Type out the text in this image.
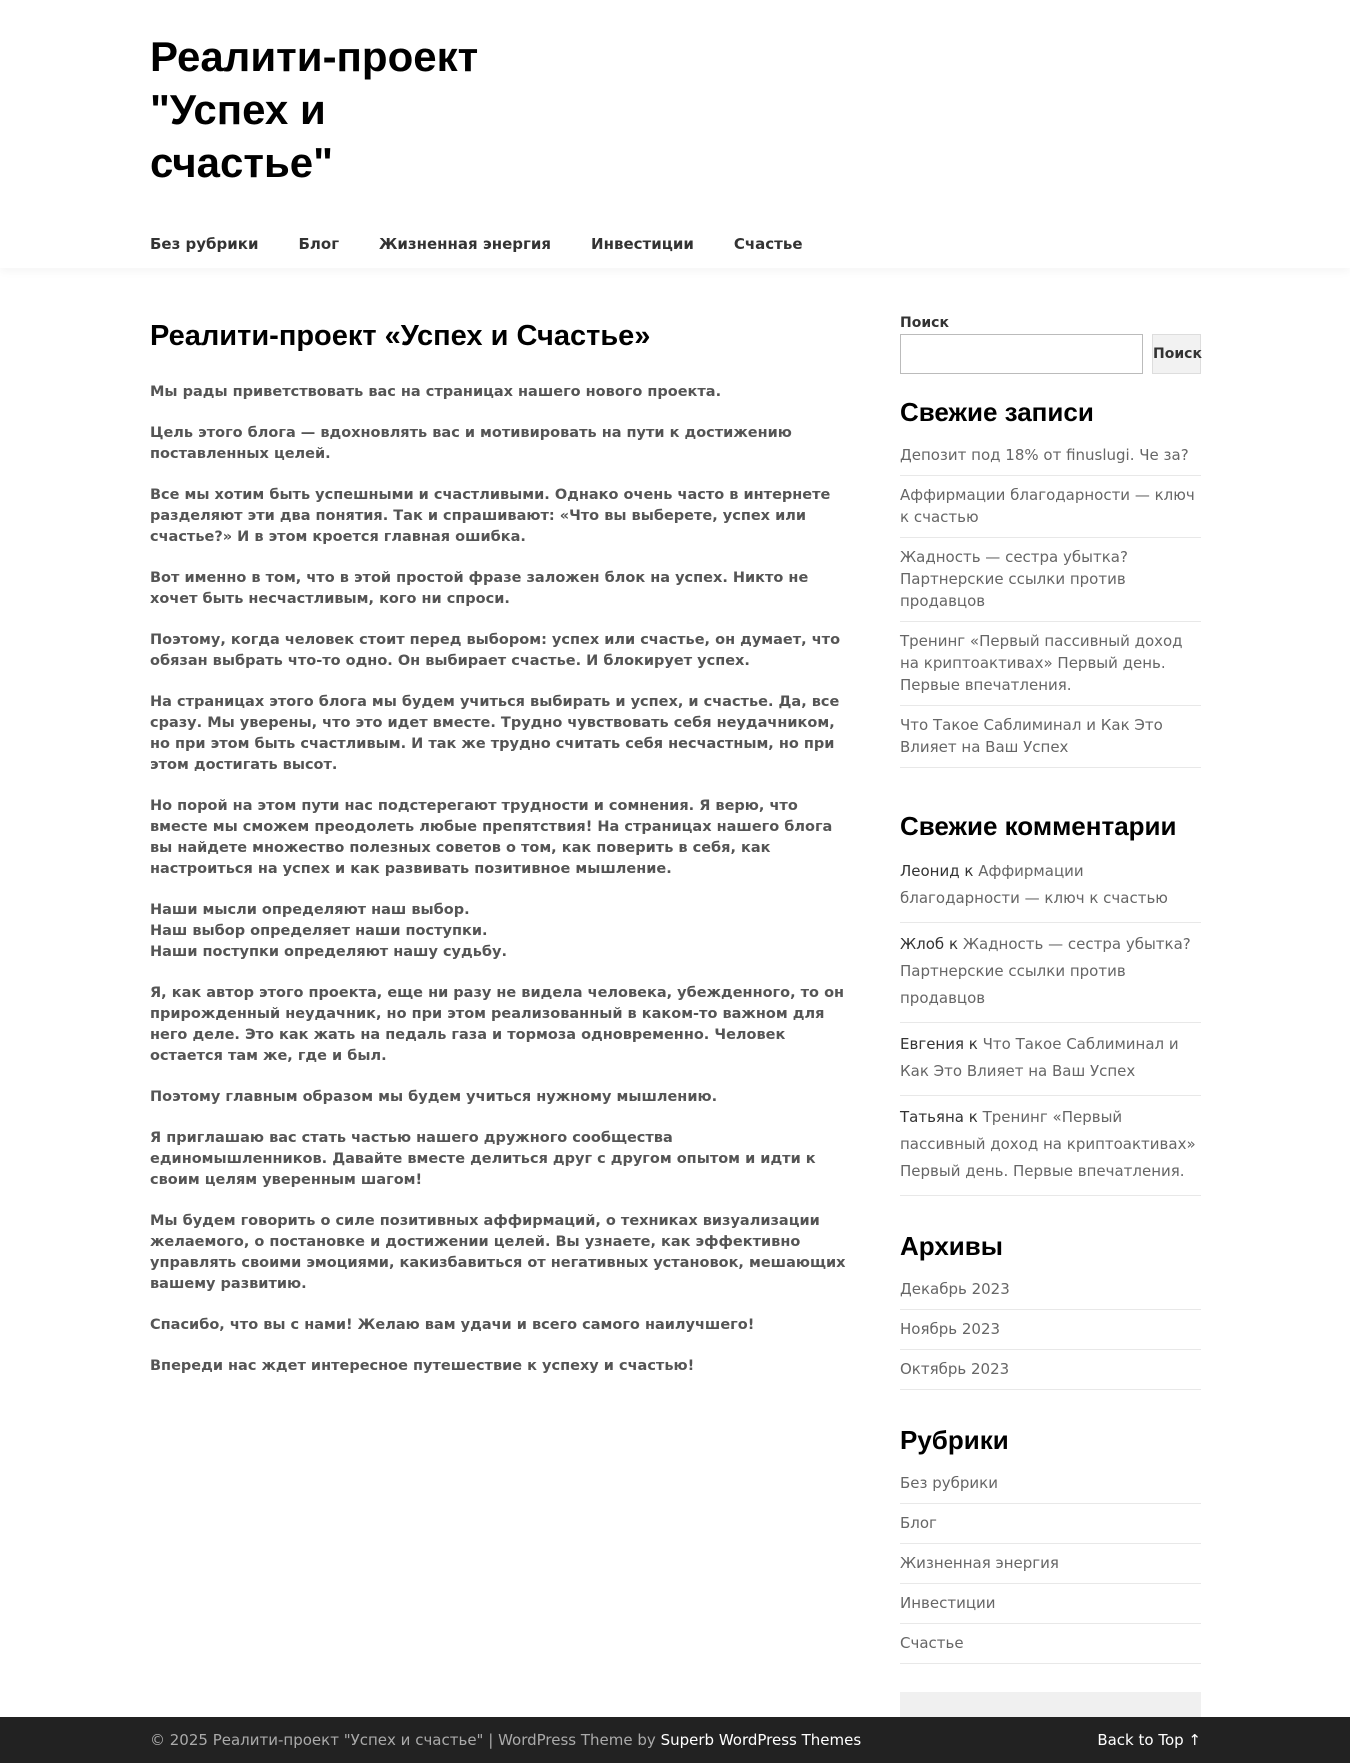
Реалити-проект "Успех и счастье"
Без рубрики	Блог	Жизненная энергия	Инвестиции	Счастье
Реалити-проект «Успех и Счастье»

Мы рады приветствовать вас на страницах нашего нового проекта.

Цель этого блога — вдохновлять вас и мотивировать на пути к достижению поставленных целей.

Все мы хотим быть успешными и счастливыми. Однако очень часто в интернете разделяют эти два понятия. Так и спрашивают: «Что вы выберете, успех или счастье?» И в этом кроется главная ошибка.

Вот именно в том, что в этой простой фразе заложен блок на успех. Никто не хочет быть несчастливым, кого ни спроси.

Поэтому, когда человек стоит перед выбором: успех или счастье, он думает, что обязан выбрать что-то одно. Он выбирает счастье. И блокирует успех.

На страницах этого блога мы будем учиться выбирать и успех, и счастье. Да, все сразу. Мы уверены, что это идет вместе. Трудно чувствовать себя неудачником, но при этом быть счастливым. И так же трудно считать себя несчастным, но при этом достигать высот.

Но порой на этом пути нас подстерегают трудности и сомнения. Я верю, что вместе мы сможем преодолеть любые препятствия! На страницах нашего блога вы найдете множество полезных советов о том, как поверить в себя, как настроиться на успех и как развивать позитивное мышление.

Наши мысли определяют наш выбор.
Наш выбор определяет наши поступки.
Наши поступки определяют нашу судьбу.

Я, как автор этого проекта, еще ни разу не видела человека, убежденного, то он прирожденный неудачник, но при этом реализованный в каком-то важном для него деле. Это как жать на педаль газа и тормоза одновременно. Человек остается там же, где и был.

Поэтому главным образом мы будем учиться нужному мышлению.

Я приглашаю вас стать частью нашего дружного сообщества единомышленников. Давайте вместе делиться друг с другом опытом и идти к своим целям уверенным шагом!

Мы будем говорить о силе позитивных аффирмаций, о техниках визуализации желаемого, о постановке и достижении целей. Вы узнаете, как эффективно управлять своими эмоциями, какизбавиться от негативных установок, мешающих вашему развитию.

Спасибо, что вы с нами! Желаю вам удачи и всего самого наилучшего!

Впереди нас ждет интересное путешествие к успеху и счастью!

Поиск
Поиск
Свежие записи
Депозит под 18% от finuslugi. Че за?
Аффирмации благодарности — ключ к счастью
Жадность — сестра убытка? Партнерские ссылки против продавцов
Тренинг «Первый пассивный доход на криптоактивах» Первый день. Первые впечатления.
Что Такое Саблиминал и Как Это Влияет на Ваш Успех
Свежие комментарии
Леонид к Аффирмации благодарности — ключ к счастью
Жлоб к Жадность — сестра убытка? Партнерские ссылки против продавцов
Евгения к Что Такое Саблиминал и Как Это Влияет на Ваш Успех
Татьяна к Тренинг «Первый пассивный доход на криптоактивах» Первый день. Первые впечатления.
Архивы
Декабрь 2023
Ноябрь 2023
Октябрь 2023
Рубрики
Без рубрики
Блог
Жизненная энергия
Инвестиции
Счастье
© 2025 Реалити-проект "Успех и счастье" | WordPress Theme by Superb WordPress Themes	Back to Top ↑
